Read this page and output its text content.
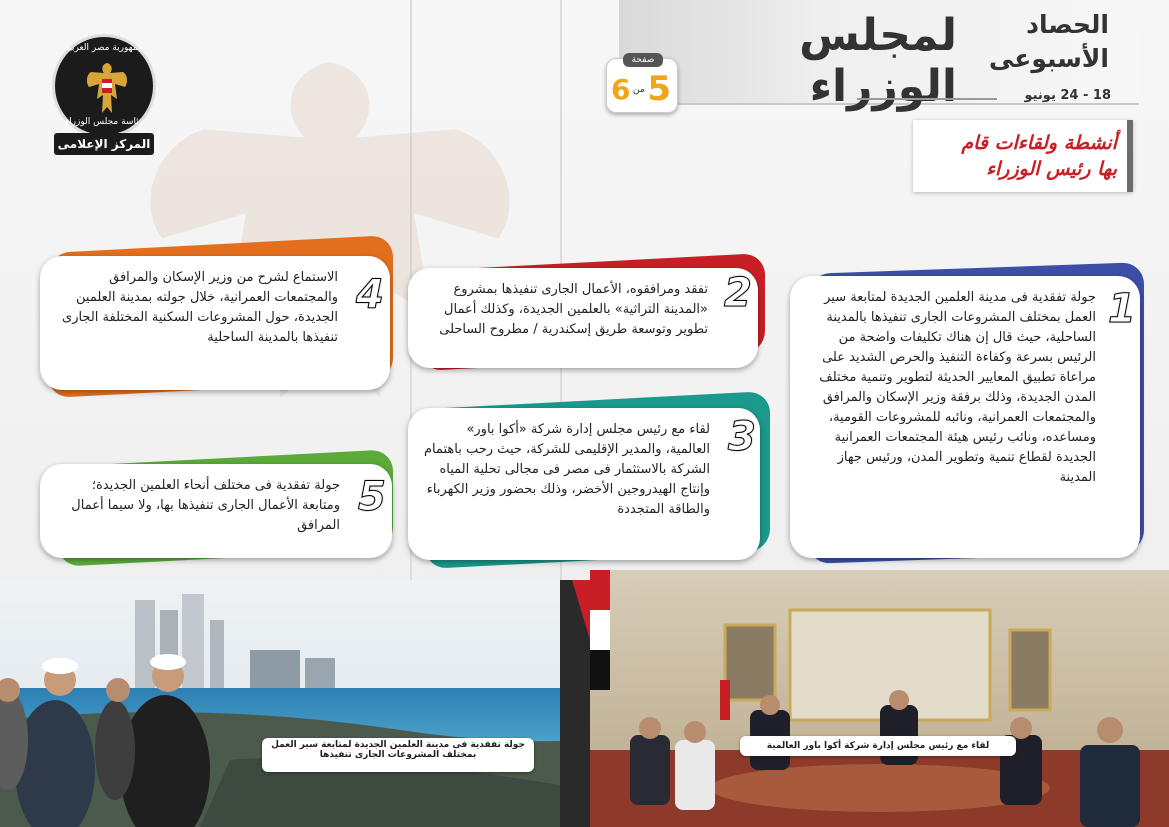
لمجلس الوزراء
الحصاد
الأسبوعى
18 - 24 يونيو
صفحة
5
من
6
جمهورية مصر العربية
رئاسة مجلس الوزراء
المركز الإعلامى	أنشطة ولقاءات قام
بها رئيس الوزراء
جولة تفقدية فى مدينة العلمين الجديدة لمتابعة سير العمل بمختلف المشروعات الجارى تنفيذها بالمدينة الساحلية، حيث قال إن هناك تكليفات واضحة من الرئيس بسرعة وكفاءة التنفيذ والحرص الشديد على مراعاة تطبيق المعايير الحديثة لتطوير وتنمية مختلف المدن الجديدة، وذلك برفقة وزير الإسكان والمرافق والمجتمعات العمرانية، ونائبه للمشروعات القومية، ومساعده، ونائب رئيس هيئة المجتمعات العمرانية الجديدة لقطاع تنمية وتطوير المدن، ورئيس جهاز المدينة
1
تفقد ومرافقوه، الأعمال الجارى تنفيذها بمشروع «المدينة التراثية» بالعلمين الجديدة، وكذلك أعمال تطوير وتوسعة طريق إسكندرية / مطروح الساحلى
2
لقاء مع رئيس مجلس إدارة شركة «أكوا باور» العالمية، والمدير الإقليمى للشركة، حيث رحب باهتمام الشركة بالاستثمار فى مصر فى مجالى تحلية المياه وإنتاج الهيدروجين الأخضر، وذلك بحضور وزير الكهرباء والطاقة المتجددة
3
الاستماع لشرح من وزير الإسكان والمرافق والمجتمعات العمرانية، خلال جولته بمدينة العلمين الجديدة، حول المشروعات السكنية المختلفة الجارى تنفيذها بالمدينة الساحلية
4
جولة تفقدية فى مختلف أنحاء العلمين الجديدة؛ ومتابعة الأعمال الجارى تنفيذها بها، ولا سيما أعمال المرافق
5
جولة تفقدية فى مدينة العلمين الجديدة لمتابعة سير العمل
بمختلف المشروعات الجارى تنفيذها
لقاء مع رئيس مجلس إدارة شركة أكوا باور العالمية
